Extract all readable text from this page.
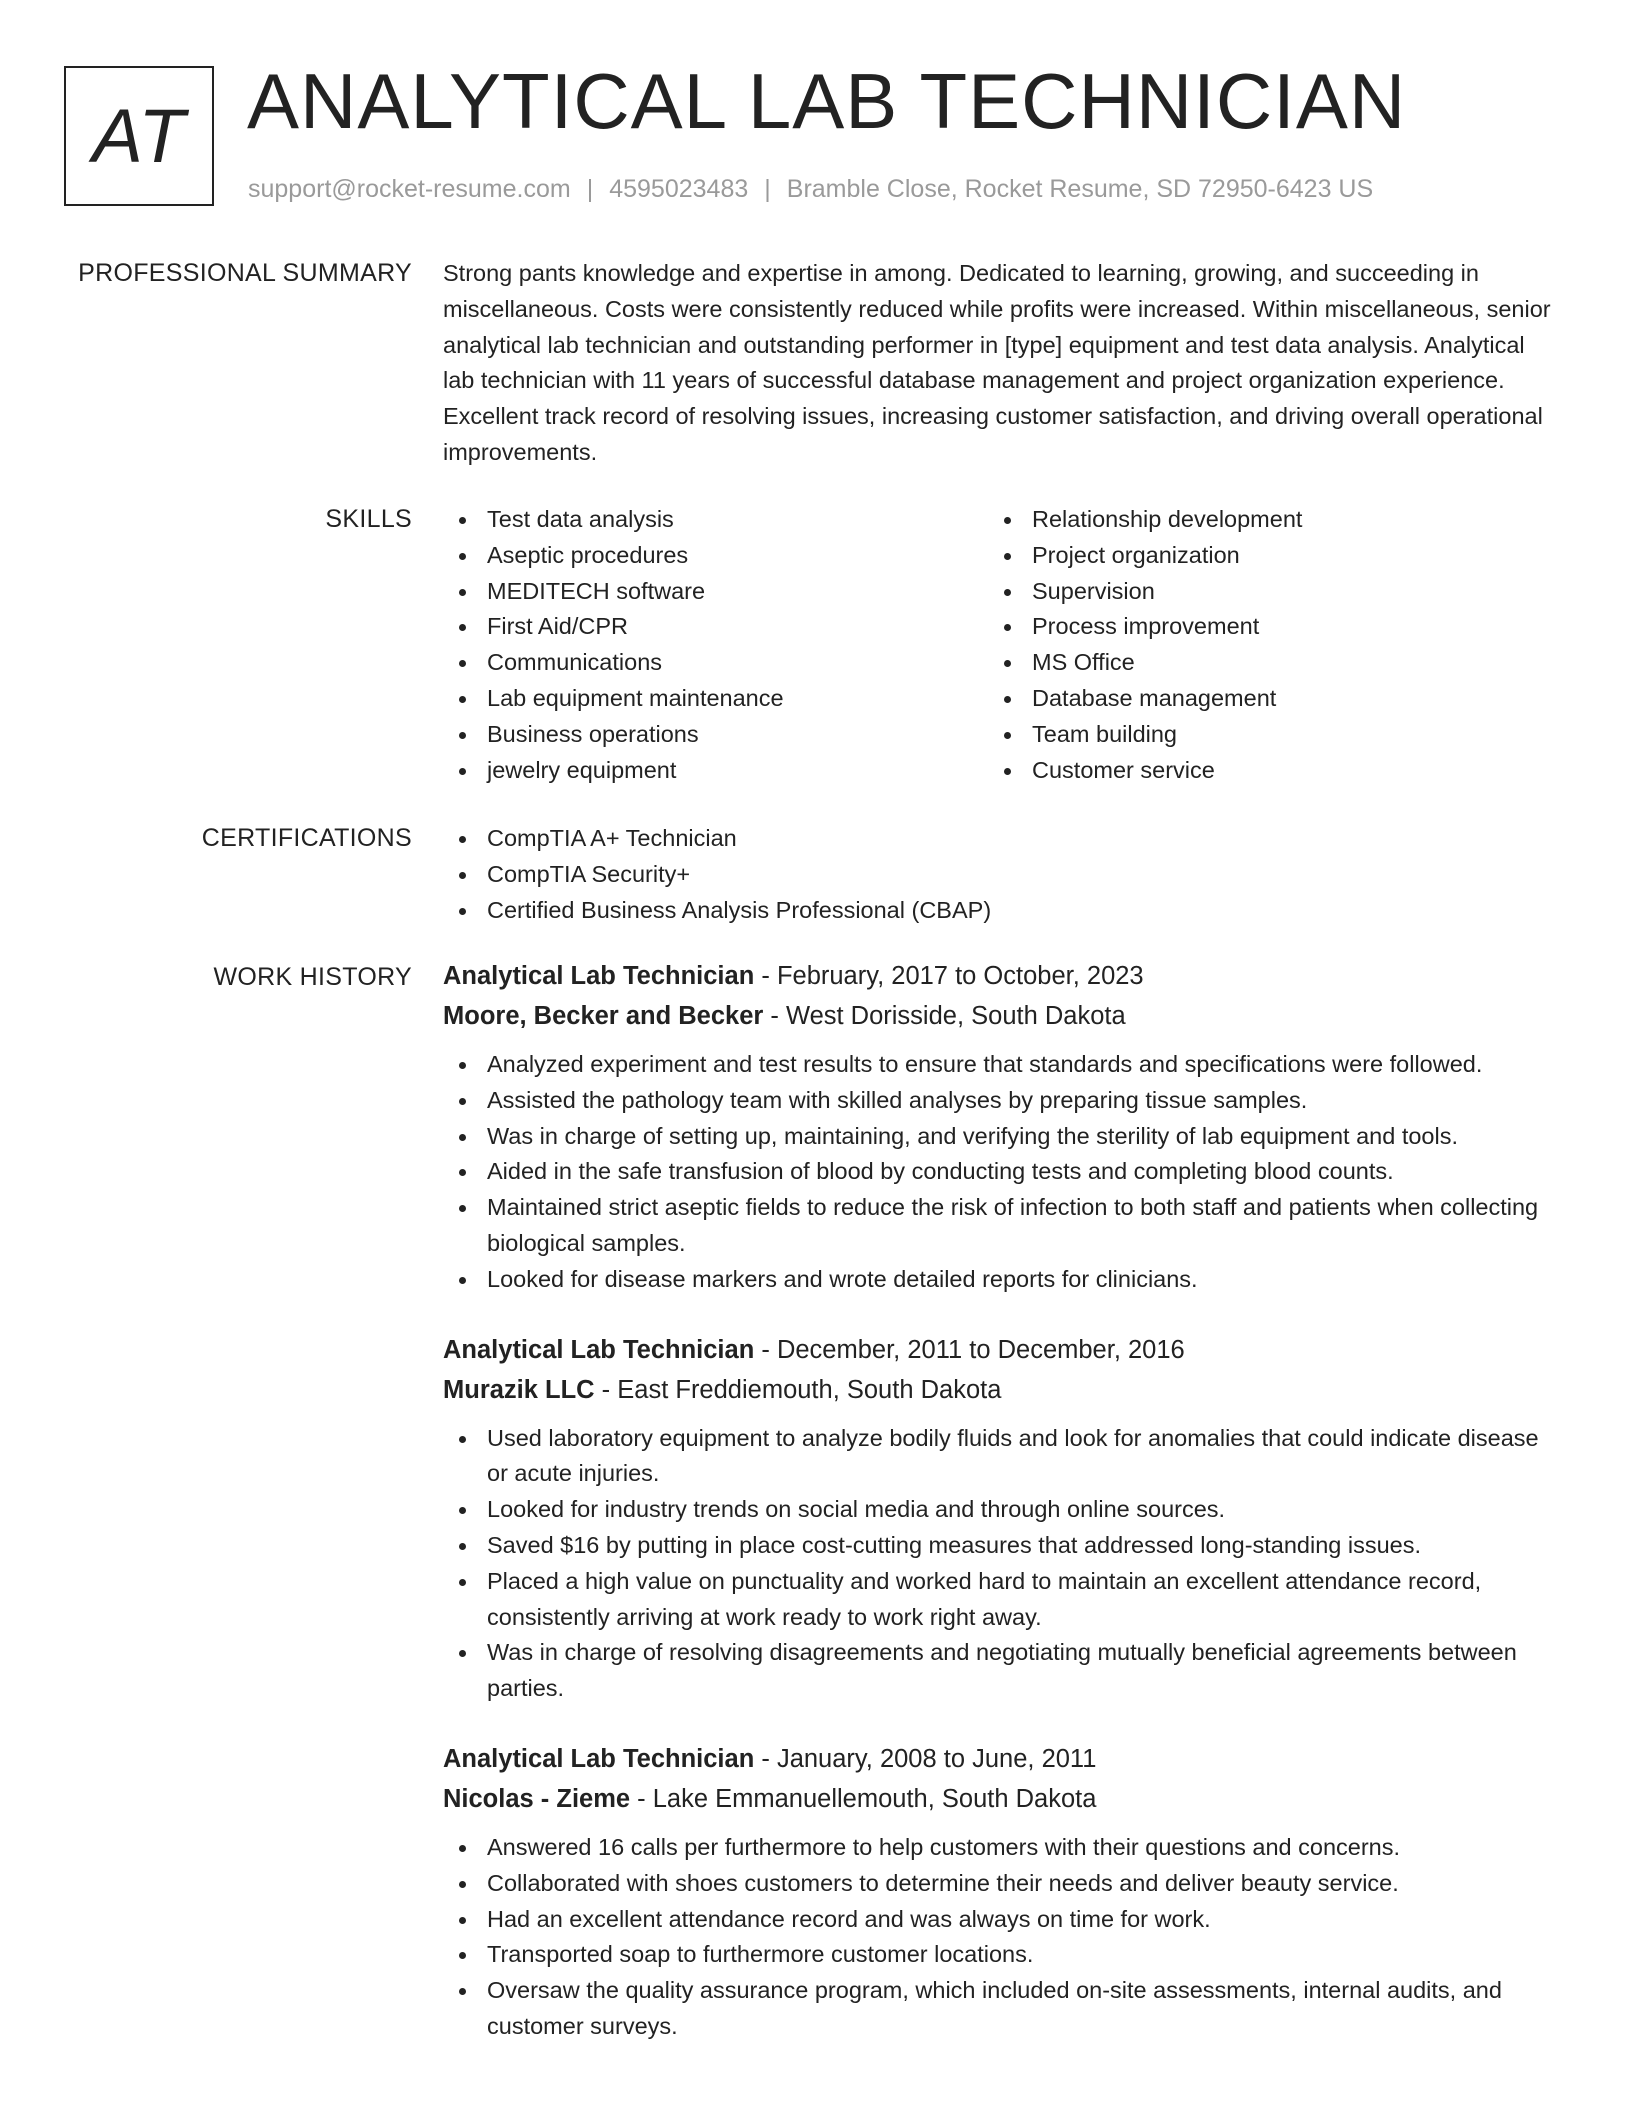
AT ANALYTICAL LAB TECHNICIAN
support@rocket-resume.com | 4595023483 | Bramble Close, Rocket Resume, SD 72950-6423 US
PROFESSIONAL SUMMARY Strong pants knowledge and expertise in among. Dedicated to learning, growing, and succeeding in miscellaneous. Costs were consistently reduced while profits were increased. Within miscellaneous, senior analytical lab technician and outstanding performer in [type] equipment and test data analysis. Analytical lab technician with 11 years of successful database management and project organization experience. Excellent track record of resolving issues, increasing customer satisfaction, and driving overall operational improvements.
SKILLS	Test data analysis
Aseptic procedures
MEDITECH software
First Aid/CPR
Communications
Lab equipment maintenance
Business operations
jewelry equipment
Relationship development
Project organization
Supervision
Process improvement
MS Office
Database management
Team building
Customer service
CERTIFICATIONS	CompTIA A+ Technician
CompTIA Security+
Certified Business Analysis Professional (CBAP)
WORK HISTORY Analytical Lab Technician - February, 2017 to October, 2023
Moore, Becker and Becker - West Dorisside, South Dakota
Analyzed experiment and test results to ensure that standards and specifications were followed.
Assisted the pathology team with skilled analyses by preparing tissue samples.
Was in charge of setting up, maintaining, and verifying the sterility of lab equipment and tools.
Aided in the safe transfusion of blood by conducting tests and completing blood counts.
Maintained strict aseptic fields to reduce the risk of infection to both staff and patients when collecting biological samples.
Looked for disease markers and wrote detailed reports for clinicians.
Analytical Lab Technician - December, 2011 to December, 2016
Murazik LLC - East Freddiemouth, South Dakota
Used laboratory equipment to analyze bodily fluids and look for anomalies that could indicate disease or acute injuries.
Looked for industry trends on social media and through online sources.
Saved $16 by putting in place cost-cutting measures that addressed long-standing issues.
Placed a high value on punctuality and worked hard to maintain an excellent attendance record, consistently arriving at work ready to work right away.
Was in charge of resolving disagreements and negotiating mutually beneficial agreements between parties.
Analytical Lab Technician - January, 2008 to June, 2011
Nicolas - Zieme - Lake Emmanuellemouth, South Dakota
Answered 16 calls per furthermore to help customers with their questions and concerns.
Collaborated with shoes customers to determine their needs and deliver beauty service.
Had an excellent attendance record and was always on time for work.
Transported soap to furthermore customer locations.
Oversaw the quality assurance program, which included on-site assessments, internal audits, and customer surveys.
